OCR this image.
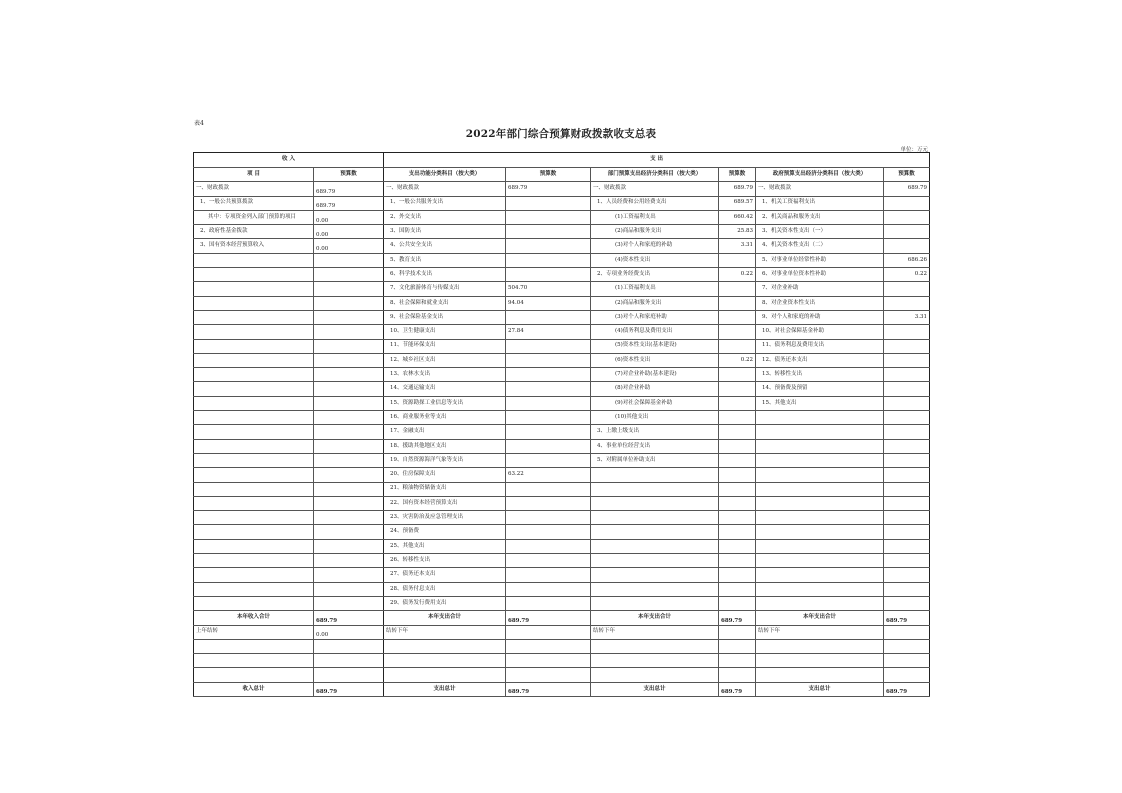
表4
2022年部门综合预算财政拨款收支总表
单位：万元
收 入		支 出					
项 目	预算数	支出功能分类科目（按大类）	预算数	部门预算支出经济分类科目（按大类）	预算数	政府预算支出经济分类科目（按大类）	预算数
一、财政拨款	689.79	一、财政拨款	689.79	一、财政拨款	689.79	一、财政拨款	689.79
1、一般公共预算拨款	689.79	1、一般公共服务支出		1、人员经费和公用经费支出	689.57	1、机关工资福利支出	
其中：专项资金列入部门预算的项目	0.00	2、外交支出		(1)工资福利支出	660.42	2、机关商品和服务支出	
2、政府性基金拨款	0.00	3、国防支出		(2)商品和服务支出	25.83	3、机关资本性支出（一）	
3、国有资本经营预算收入	0.00	4、公共安全支出		(3)对个人和家庭的补助	3.31	4、机关资本性支出（二）	
		5、教育支出		(4)资本性支出		5、对事业单位经常性补助	686.26
		6、科学技术支出		2、专项业务经费支出	0.22	6、对事业单位资本性补助	0.22
		7、文化旅游体育与传媒支出	504.70	(1)工资福利支出		7、对企业补助	
		8、社会保障和就业支出	94.04	(2)商品和服务支出		8、对企业资本性支出	
		9、社会保险基金支出		(3)对个人和家庭补助		9、对个人和家庭的补助	3.31
		10、卫生健康支出	27.84	(4)债务利息及费用支出		10、对社会保障基金补助	
		11、节能环保支出		(5)资本性支出(基本建设)		11、债务利息及费用支出	
		12、城乡社区支出		(6)资本性支出	0.22	12、债务还本支出	
		13、农林水支出		(7)对企业补助(基本建设)		13、转移性支出	
		14、交通运输支出		(8)对企业补助		14、预备费及预留	
		15、资源勘探工业信息等支出		(9)对社会保障基金补助		15、其他支出	
		16、商业服务业等支出		(10)其他支出			
		17、金融支出		3、上缴上级支出			
		18、援助其他地区支出		4、事业单位经营支出			
		19、自然资源海洋气象等支出		5、对附属单位补助支出			
		20、住房保障支出	63.22				
		21、粮油物资储备支出					
		22、国有资本经营预算支出					
		23、灾害防治及应急管理支出					
		24、预备费					
		25、其他支出					
		26、转移性支出					
		27、债务还本支出					
		28、债务付息支出					
		29、债务发行费用支出					
本年收入合计	689.79	本年支出合计	689.79	本年支出合计	689.79	本年支出合计	689.79
上年结转	0.00	结转下年		结转下年		结转下年	

收入总计	689.79	支出总计	689.79	支出总计	689.79	支出总计	689.79
